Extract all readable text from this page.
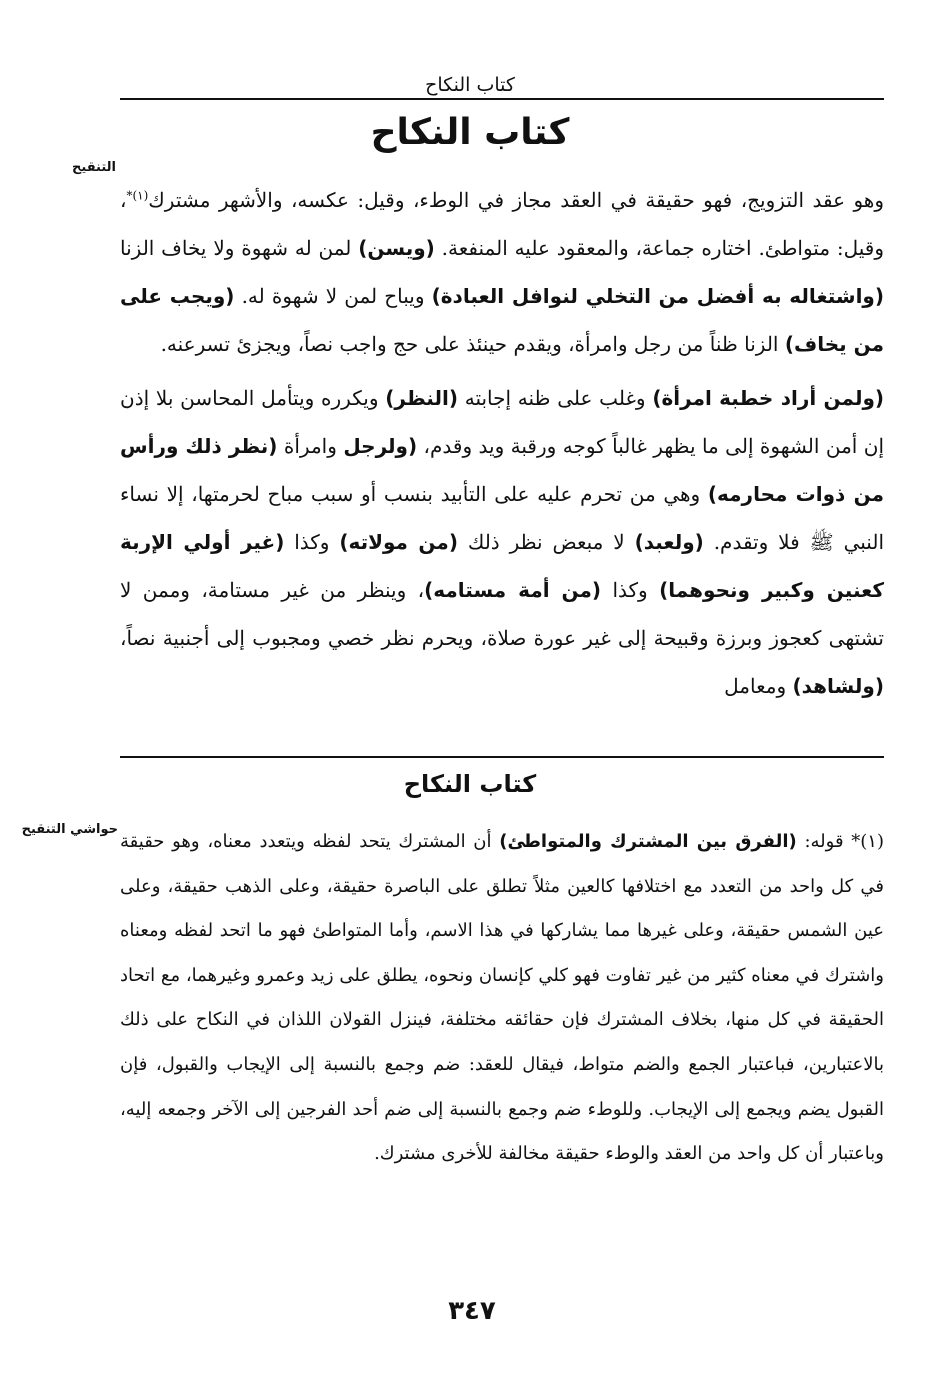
كتاب النكاح
كتاب النكاح
التنقيح

وهو عقد التزويج، فهو حقيقة في العقد مجاز في الوطء، وقيل: عكسه، والأشهر مشترك$^{(١)*}$، وقيل: متواطئ. اختاره جماعة، والمعقود عليه المنفعة. (ويسن) لمن له شهوة ولا يخاف الزنا (واشتغاله به أفضل من التخلي لنوافل العبادة) ويباح لمن لا شهوة له. (ويجب على من يخاف) الزنا ظناً من رجل وامرأة، ويقدم حينئذ على حج واجب نصاً، ويجزئ تسرعنه.

(ولمن أراد خطبة امرأة) وغلب على ظنه إجابته (النظر) ويكرره ويتأمل المحاسن بلا إذن إن أمن الشهوة إلى ما يظهر غالباً كوجه ورقبة ويد وقدم، (ولرجل وامرأة (نظر ذلك ورأس من ذوات محارمه) وهي من تحرم عليه على التأبيد بنسب أو سبب مباح لحرمتها، إلا نساء النبي ﷺ فلا وتقدم. (ولعبد) لا مبعض نظر ذلك (من مولاته) وكذا (غير أولي الإربة كعنين وكبير ونحوهما) وكذا (من أمة مستامه)، وينظر من غير مستامة، وممن لا تشتهى كعجوز وبرزة وقبيحة إلى غير عورة صلاة، ويحرم نظر خصي ومجبوب إلى أجنبية نصاً، (ولشاهد) ومعامل

كتاب النكاح
حواشي التنقيح

(١)* قوله: (الفرق بين المشترك والمتواطئ) أن المشترك يتحد لفظه ويتعدد معناه، وهو حقيقة في كل واحد من التعدد مع اختلافها كالعين مثلاً تطلق على الباصرة حقيقة، وعلى الذهب حقيقة، وعلى عين الشمس حقيقة، وعلى غيرها مما يشاركها في هذا الاسم، وأما المتواطئ فهو ما اتحد لفظه ومعناه واشترك في معناه كثير من غير تفاوت فهو كلي كإنسان ونحوه، يطلق على زيد وعمرو وغيرهما، مع اتحاد الحقيقة في كل منها، بخلاف المشترك فإن حقائقه مختلفة، فينزل القولان اللذان في النكاح على ذلك بالاعتبارين، فباعتبار الجمع والضم متواط، فيقال للعقد: ضم وجمع بالنسبة إلى الإيجاب والقبول، فإن القبول يضم ويجمع إلى الإيجاب. وللوطء ضم وجمع بالنسبة إلى ضم أحد الفرجين إلى الآخر وجمعه إليه، وباعتبار أن كل واحد من العقد والوطء حقيقة مخالفة للأخرى مشترك.

٣٤٧
